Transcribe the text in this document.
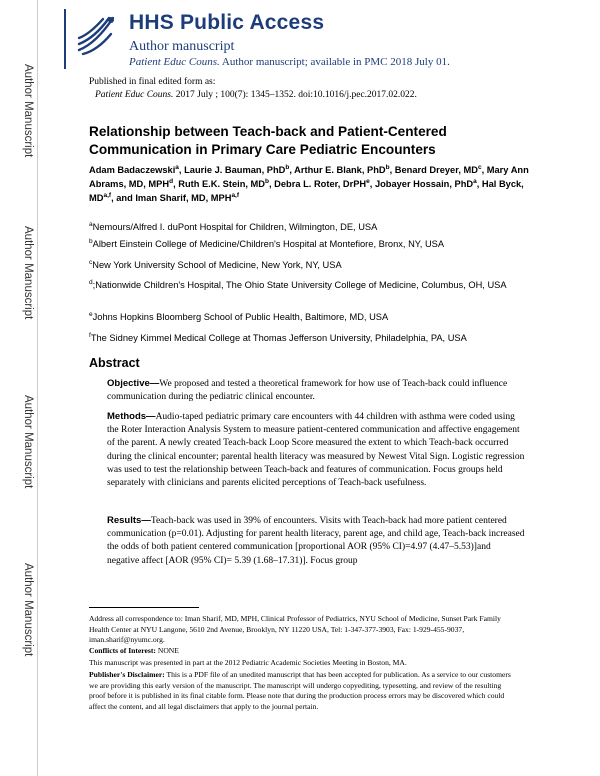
Author Manuscript
Author Manuscript
Author Manuscript
Author Manuscript
HHS Public Access
Author manuscript
Patient Educ Couns. Author manuscript; available in PMC 2018 July 01.
Published in final edited form as:
Patient Educ Couns. 2017 July ; 100(7): 1345–1352. doi:10.1016/j.pec.2017.02.022.
Relationship between Teach-back and Patient-Centered Communication in Primary Care Pediatric Encounters
Adam Badaczewski$^a$, Laurie J. Bauman, PhD$^b$, Arthur E. Blank, PhD$^b$, Benard Dreyer, $MD^c$, Mary Ann Abrams, MD, MPH$^d$, Ruth E.K. Stein, $MD^b$, Debra L. Roter, DrPH$^e$, Jobayer Hossain, PhD$^a$, Hal Byck, MD$^{a,f}$, and Iman Sharif, MD, MPH$^{a,f}$
$^a$Nemours/Alfred I. duPont Hospital for Children, Wilmington, DE, USA
$^b$Albert Einstein College of Medicine/Children's Hospital at Montefiore, Bronx, NY, USA
$^c$New York University School of Medicine, New York, NY, USA
$^d$;Nationwide Children's Hospital, The Ohio State University College of Medicine, Columbus, OH, USA
$^e$Johns Hopkins Bloomberg School of Public Health, Baltimore, MD, USA
$^f$The Sidney Kimmel Medical College at Thomas Jefferson University, Philadelphia, PA, USA
Abstract
Objective—We proposed and tested a theoretical framework for how use of Teach-back could influence communication during the pediatric clinical encounter.
Methods—Audio-taped pediatric primary care encounters with 44 children with asthma were coded using the Roter Interaction Analysis System to measure patient-centered communication and affective engagement of the parent. A newly created Teach-back Loop Score measured the extent to which Teach-back occurred during the clinical encounter; parental health literacy was measured by Newest Vital Sign. Logistic regression was used to test the relationship between Teach-back and features of communication. Focus groups held separately with clinicians and parents elicited perceptions of Teach-back usefulness.
Results—Teach-back was used in 39% of encounters. Visits with Teach-back had more patient centered communication (p=0.01). Adjusting for parent health literacy, parent age, and child age, Teach-back increased the odds of both patient centered communication [proportional AOR (95% CI)=4.97 (4.47–5.53)]and negative affect [AOR (95% CI)= 5.39 (1.68–17.31)]. Focus group
Address all correspondence to: Iman Sharif, MD, MPH, Clinical Professor of Pediatrics, NYU School of Medicine, Sunset Park Family Health Center at NYU Langone, 5610 2nd Avenue, Brooklyn, NY 11220 USA, Tel: 1-347-377-3903, Fax: 1-929-455-9037, iman.sharif@nyumc.org.
Conflicts of Interest: NONE
This manuscript was presented in part at the 2012 Pediatric Academic Societies Meeting in Boston, MA.
Publisher's Disclaimer: This is a PDF file of an unedited manuscript that has been accepted for publication. As a service to our customers we are providing this early version of the manuscript. The manuscript will undergo copyediting, typesetting, and review of the resulting proof before it is published in its final citable form. Please note that during the production process errors may be discovered which could affect the content, and all legal disclaimers that apply to the journal pertain.
